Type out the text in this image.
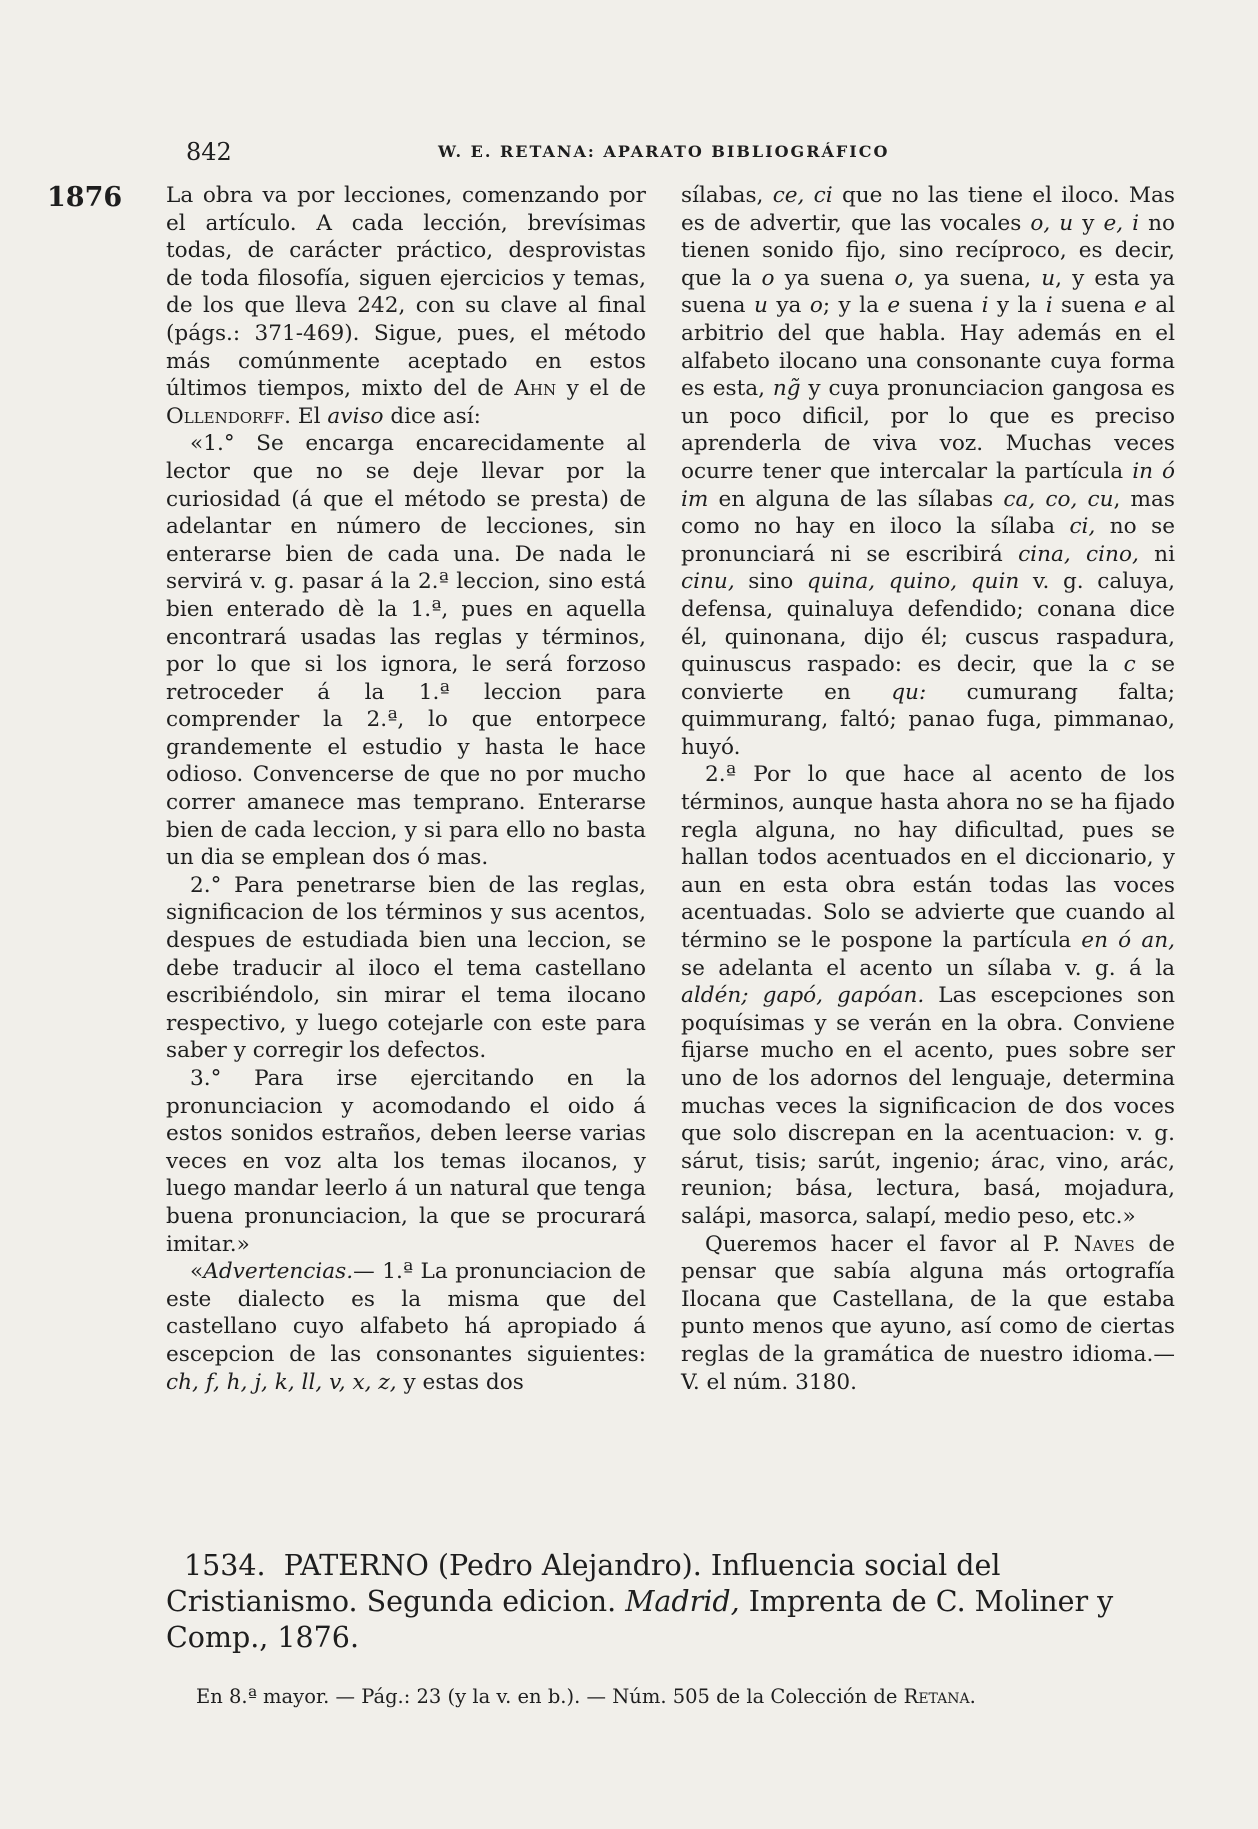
842	W. E. RETANA: APARATO BIBLIOGRÁFICO
1876 La obra va por lecciones, comenzando por el artículo. A cada lección, brevísimas todas, de carácter práctico, desprovistas de toda filosofía, siguen ejercicios y temas, de los que lleva 242, con su clave al final (págs.: 371-469). Sigue, pues, el método más comúnmente aceptado en estos últimos tiempos, mixto del de Ahn y el de Ollendorff. El aviso dice así:

«1.° Se encarga encarecidamente al lector que no se deje llevar por la curiosidad (á que el método se presta) de adelantar en número de lecciones, sin enterarse bien de cada una. De nada le servirá v. g. pasar á la 2.ª leccion, sino está bien enterado dè la 1.ª, pues en aquella encontrará usadas las reglas y términos, por lo que si los ignora, le será forzoso retroceder á la 1.ª leccion para comprender la 2.ª, lo que entorpece grandemente el estudio y hasta le hace odioso. Convencerse de que no por mucho correr amanece mas temprano. Enterarse bien de cada leccion, y si para ello no basta un dia se emplean dos ó mas.

2.° Para penetrarse bien de las reglas, significacion de los términos y sus acentos, despues de estudiada bien una leccion, se debe traducir al iloco el tema castellano escribiéndolo, sin mirar el tema ilocano respectivo, y luego cotejarle con este para saber y corregir los defectos.

3.° Para irse ejercitando en la pronunciacion y acomodando el oido á estos sonidos estraños, deben leerse varias veces en voz alta los temas ilocanos, y luego mandar leerlo á un natural que tenga buena pronunciacion, la que se procurará imitar.»

«Advertencias.— 1.ª La pronunciacion de este dialecto es la misma que del castellano cuyo alfabeto há apropiado á escepcion de las consonantes siguientes: ch, f, h, j, k, ll, v, x, z, y estas dos

sílabas, ce, ci que no las tiene el iloco. Mas es de advertir, que las vocales o, u y e, i no tienen sonido fijo, sino recíproco, es decir, que la o ya suena o, ya suena, u, y esta ya suena u ya o; y la e suena i y la i suena e al arbitrio del que habla. Hay además en el alfabeto ilocano una consonante cuya forma es esta, ng̃ y cuya pronunciacion gangosa es un poco dificil, por lo que es preciso aprenderla de viva voz. Muchas veces ocurre tener que intercalar la partícula in ó im en alguna de las sílabas ca, co, cu, mas como no hay en iloco la sílaba ci, no se pronunciará ni se escribirá cina, cino, ni cinu, sino quina, quino, quin v. g. caluya, defensa, quinaluya defendido; conana dice él, quinonana, dijo él; cuscus raspadura, quinuscus raspado: es decir, que la c se convierte en qu: cumurang falta; quimmurang, faltó; panao fuga, pimmanao, huyó.

2.ª Por lo que hace al acento de los términos, aunque hasta ahora no se ha fijado regla alguna, no hay dificultad, pues se hallan todos acentuados en el diccionario, y aun en esta obra están todas las voces acentuadas. Solo se advierte que cuando al término se le pospone la partícula en ó an, se adelanta el acento un sílaba v. g. á la aldén; gapó, gapóan. Las escepciones son poquísimas y se verán en la obra. Conviene fijarse mucho en el acento, pues sobre ser uno de los adornos del lenguaje, determina muchas veces la significacion de dos voces que solo discrepan en la acentuacion: v. g. sárut, tisis; sarút, ingenio; árac, vino, arác, reunion; bása, lectura, basá, mojadura, salápi, masorca, salapí, medio peso, etc.»

Queremos hacer el favor al P. Naves de pensar que sabía alguna más ortografía Ilocana que Castellana, de la que estaba punto menos que ayuno, así como de ciertas reglas de la gramática de nuestro idioma.—V. el núm. 3180.

1534. PATERNO (Pedro Alejandro). Influencia social del Cristianismo. Segunda edicion. Madrid, Imprenta de C. Moliner y Comp., 1876.

En 8.ª mayor. — Pág.: 23 (y la v. en b.). — Núm. 505 de la Colección de Retana.
